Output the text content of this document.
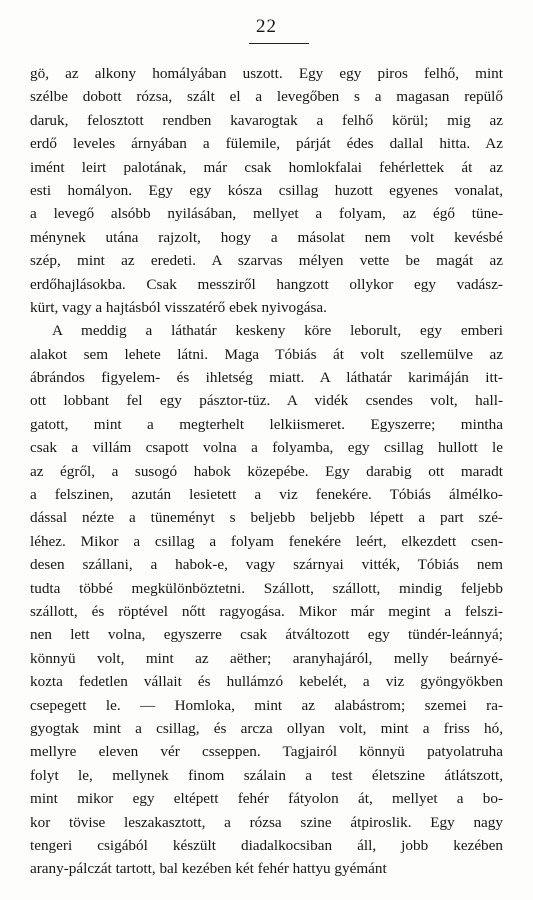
22
gö, az alkony homályában uszott. Egy egy piros felhő, mint
szélbe dobott rózsa, szált el a levegőben s a magasan repülő
daruk, felosztott rendben kavarogtak a felhő körül; mig az
erdő leveles árnyában a fülemile, párját édes dallal hitta. Az
imént leirt palotának, már csak homlokfalai fehérlettek át az
esti homályon. Egy egy kósza csillag huzott egyenes vonalat,
a levegő alsóbb nyilásában, mellyet a folyam, az égő tüne-
ménynek utána rajzolt, hogy a másolat nem volt kevésbé
szép, mint az eredeti. A szarvas mélyen vette be magát az
erdőhajlásokba. Csak messziről hangzott ollykor egy vadász-
kürt, vagy a hajtásból visszatérő ebek nyivogása.
A meddig a láthatár keskeny köre leborult, egy emberi
alakot sem lehete látni. Maga Tóbiás át volt szellemülve az
ábrándos figyelem- és ihletség miatt. A láthatár karimáján itt-
ott lobbant fel egy pásztor-tüz. A vidék csendes volt, hall-
gatott, mint a megterhelt lelkiismeret. Egyszerre; mintha
csak a villám csapott volna a folyamba, egy csillag hullott le
az égről, a susogó habok közepébe. Egy darabig ott maradt
a felszinen, azután lesietett a viz fenekére. Tóbiás álmélko-
dással nézte a tüneményt s beljebb beljebb lépett a part szé-
léhez. Mikor a csillag a folyam fenekére leért, elkezdett csen-
desen szállani, a habok-e, vagy szárnyai vitték, Tóbiás nem
tudta többé megkülönböztetni. Szállott, szállott, mindig feljebb
szállott, és röptével nőtt ragyogása. Mikor már megint a felszi-
nen lett volna, egyszerre csak átváltozott egy tündér-leánnyá;
könnyü volt, mint az aëther; aranyhajáról, melly beárnyé-
kozta fedetlen vállait és hullámzó kebelét, a viz gyöngyökben
csepegett le. — Homloka, mint az alabástrom; szemei ra-
gyogtak mint a csillag, és arcza ollyan volt, mint a friss hó,
mellyre eleven vér csseppen. Tagjairól könnyü patyolatruha
folyt le, mellynek finom szálain a test életszine átlátszott,
mint mikor egy eltépett fehér fátyolon át, mellyet a bo-
kor tövise leszakasztott, a rózsa szine átpiroslik. Egy nagy
tengeri csigából készült diadalkocsiban áll, jobb kezében
arany-pálczát tartott, bal kezében két fehér hattyu gyémánt
